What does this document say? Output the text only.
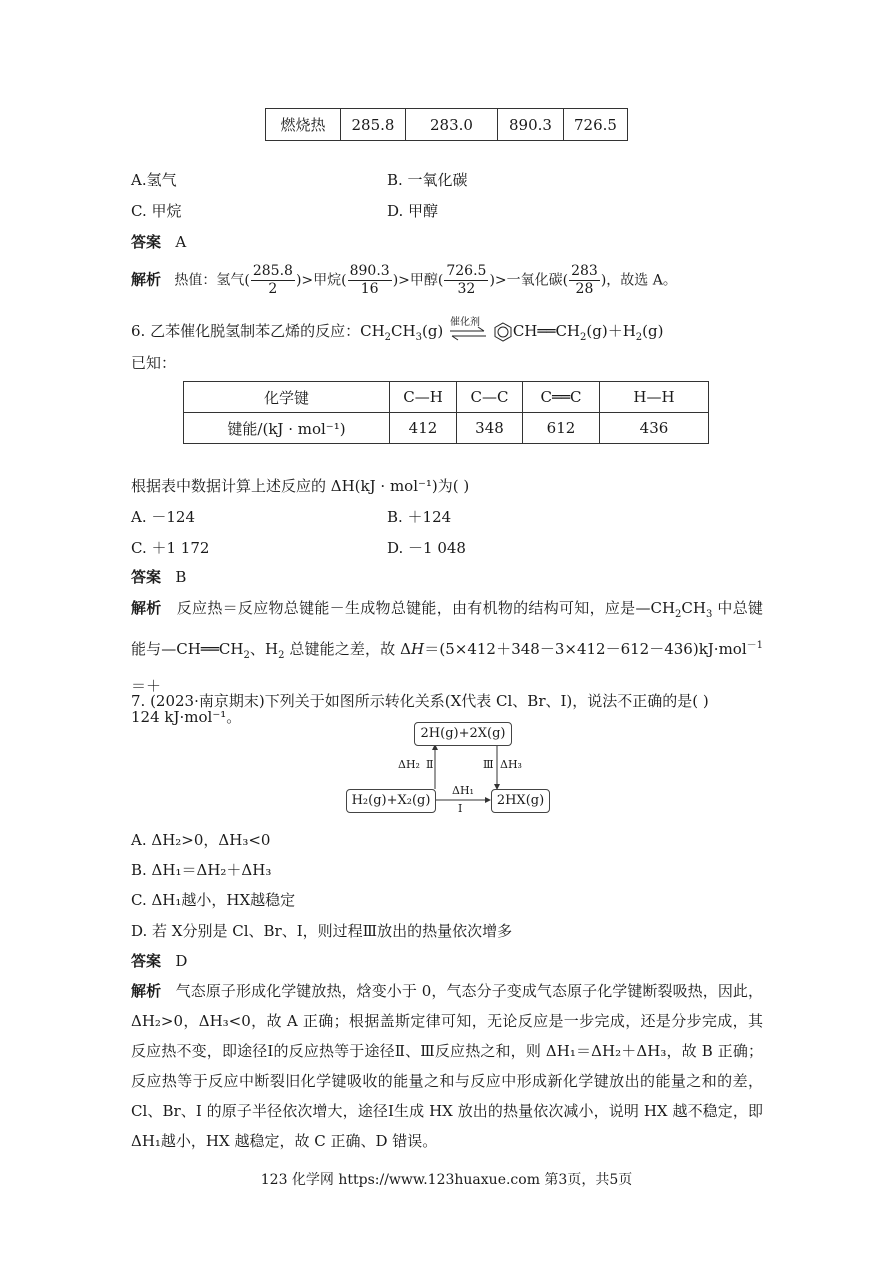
燃烧热	285.8	283.0	890.3	726.5
A.氢气	B. 一氧化碳
C. 甲烷	D. 甲醇
答案 A
解析 热值：氢气( $\frac{285.8}{2}$ )>甲烷( $\frac{890.3}{16}$ )>甲醇( $\frac{726.5}{32}$ )>一氧化碳( $\frac{283}{28}$ )，故选 A。
6. 乙苯催化脱氢制苯乙烯的反应：$CH_2CH_3(g)$ 催化剂 $CH══CH_2(g)+H_2(g)$
已知：
化学键	C—H	C—C	C══C	H—H
键能/(kJ · mol⁻¹)	412	348	612	436
根据表中数据计算上述反应的 ΔH(kJ · mol⁻¹)为( )
A. －124	B. ＋124
C. ＋1 172	D. －1 048
答案 B
解析   反应热＝反应物总键能－生成物总键能，由有机物的结构可知，应是$—CH_2CH_3$ 中总键能与$—CH══CH_2$、$H_2$ 总键能之差，故 ΔH＝(5×412＋348－3×412－612－436)kJ·mol$^{-1}$＝＋
124 kJ·mol⁻¹。
7. (2023·南京期末)下列关于如图所示转化关系(X代表 Cl、Br、I)，说法不正确的是( )
2H(g)+2X(g)
H₂(g)+X₂(g)	2HX(g)
ΔH₂ Ⅱ	Ⅲ ΔH₃
ΔH₁
Ⅰ
A. ΔH₂>0，ΔH₃<0
B. ΔH₁＝ΔH₂＋ΔH₃
C. ΔH₁越小，HX越稳定
D. 若 X分别是 Cl、Br、I，则过程Ⅲ放出的热量依次增多
答案 D
解析 气态原子形成化学键放热，焓变小于 0，气态分子变成气态原子化学键断裂吸热，因此，ΔH₂>0，ΔH₃<0，故 A 正确；根据盖斯定律可知，无论反应是一步完成，还是分步完成，其反应热不变，即途径Ⅰ的反应热等于途径Ⅱ、Ⅲ反应热之和，则 ΔH₁＝ΔH₂＋ΔH₃，故 B 正确；反应热等于反应中断裂旧化学键吸收的能量之和与反应中形成新化学键放出的能量之和的差，Cl、Br、I 的原子半径依次增大，途径Ⅰ生成 HX 放出的热量依次减小，说明 HX 越不稳定，即 ΔH₁越小，HX 越稳定，故 C 正确、D 错误。
123 化学网 https://www.123huaxue.com 第3页，共5页
